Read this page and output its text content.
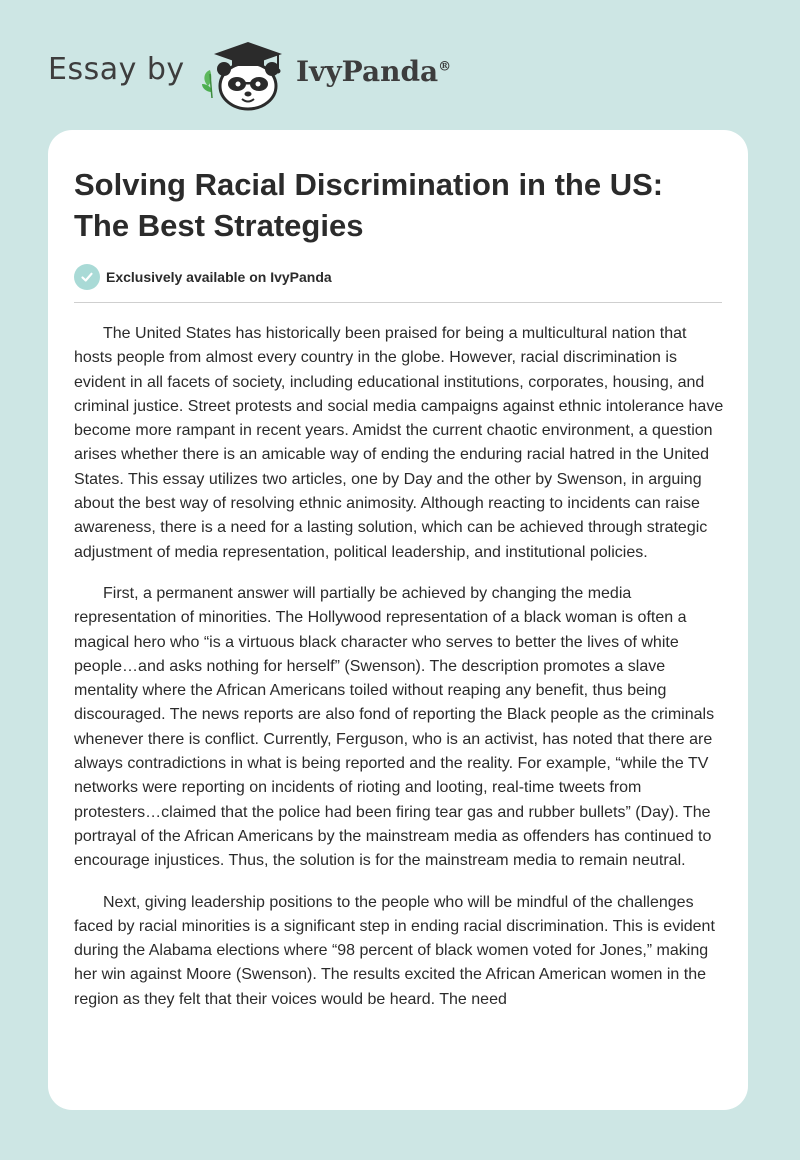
Essay by	IvyPanda®
Solving Racial Discrimination in the US: The Best Strategies
Exclusively available on IvyPanda

The United States has historically been praised for being a multicultural nation that hosts people from almost every country in the globe. However, racial discrimination is evident in all facets of society, including educational institutions, corporates, housing, and criminal justice. Street protests and social media campaigns against ethnic intolerance have become more rampant in recent years. Amidst the current chaotic environment, a question arises whether there is an amicable way of ending the enduring racial hatred in the United States. This essay utilizes two articles, one by Day and the other by Swenson, in arguing about the best way of resolving ethnic animosity. Although reacting to incidents can raise awareness, there is a need for a lasting solution, which can be achieved through strategic adjustment of media representation, political leadership, and institutional policies.

First, a permanent answer will partially be achieved by changing the media representation of minorities. The Hollywood representation of a black woman is often a magical hero who “is a virtuous black character who serves to better the lives of white people…and asks nothing for herself” (Swenson). The description promotes a slave mentality where the African Americans toiled without reaping any benefit, thus being discouraged. The news reports are also fond of reporting the Black people as the criminals whenever there is conflict. Currently, Ferguson, who is an activist, has noted that there are always contradictions in what is being reported and the reality. For example, “while the TV networks were reporting on incidents of rioting and looting, real-time tweets from protesters…claimed that the police had been firing tear gas and rubber bullets” (Day). The portrayal of the African Americans by the mainstream media as offenders has continued to encourage injustices. Thus, the solution is for the mainstream media to remain neutral.

Next, giving leadership positions to the people who will be mindful of the challenges faced by racial minorities is a significant step in ending racial discrimination. This is evident during the Alabama elections where “98 percent of black women voted for Jones,” making her win against Moore (Swenson). The results excited the African American women in the region as they felt that their voices would be heard. The need
